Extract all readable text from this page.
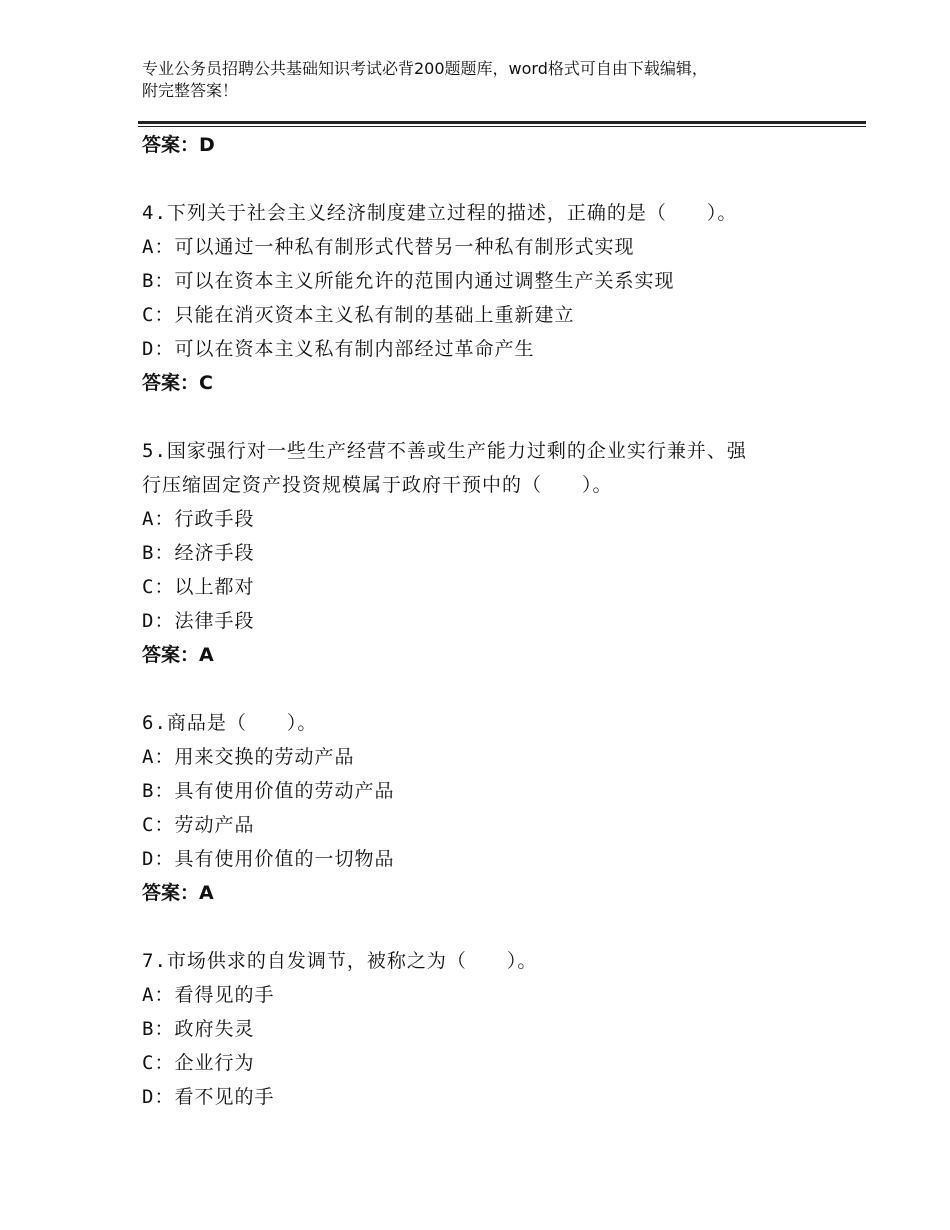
专业公务员招聘公共基础知识考试必背200题题库，word格式可自由下载编辑，
附完整答案！
答案：D
4.下列关于社会主义经济制度建立过程的描述，正确的是（　　）。
A：可以通过一种私有制形式代替另一种私有制形式实现
B：可以在资本主义所能允许的范围内通过调整生产关系实现
C：只能在消灭资本主义私有制的基础上重新建立
D：可以在资本主义私有制内部经过革命产生
答案：C
5.国家强行对一些生产经营不善或生产能力过剩的企业实行兼并、强
行压缩固定资产投资规模属于政府干预中的（　　）。
A：行政手段
B：经济手段
C：以上都对
D：法律手段
答案：A
6.商品是（　　）。
A：用来交换的劳动产品
B：具有使用价值的劳动产品
C：劳动产品
D：具有使用价值的一切物品
答案：A
7.市场供求的自发调节，被称之为（　　）。
A：看得见的手
B：政府失灵
C：企业行为
D：看不见的手
